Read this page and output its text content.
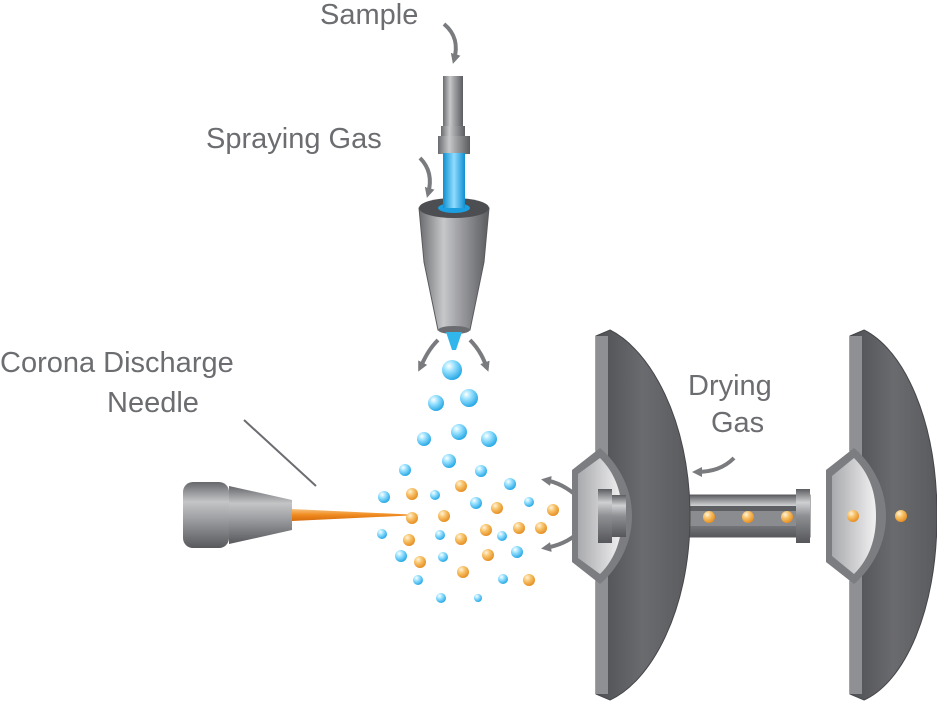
Sample
Spraying Gas
Corona Discharge
Needle
Drying
Gas
